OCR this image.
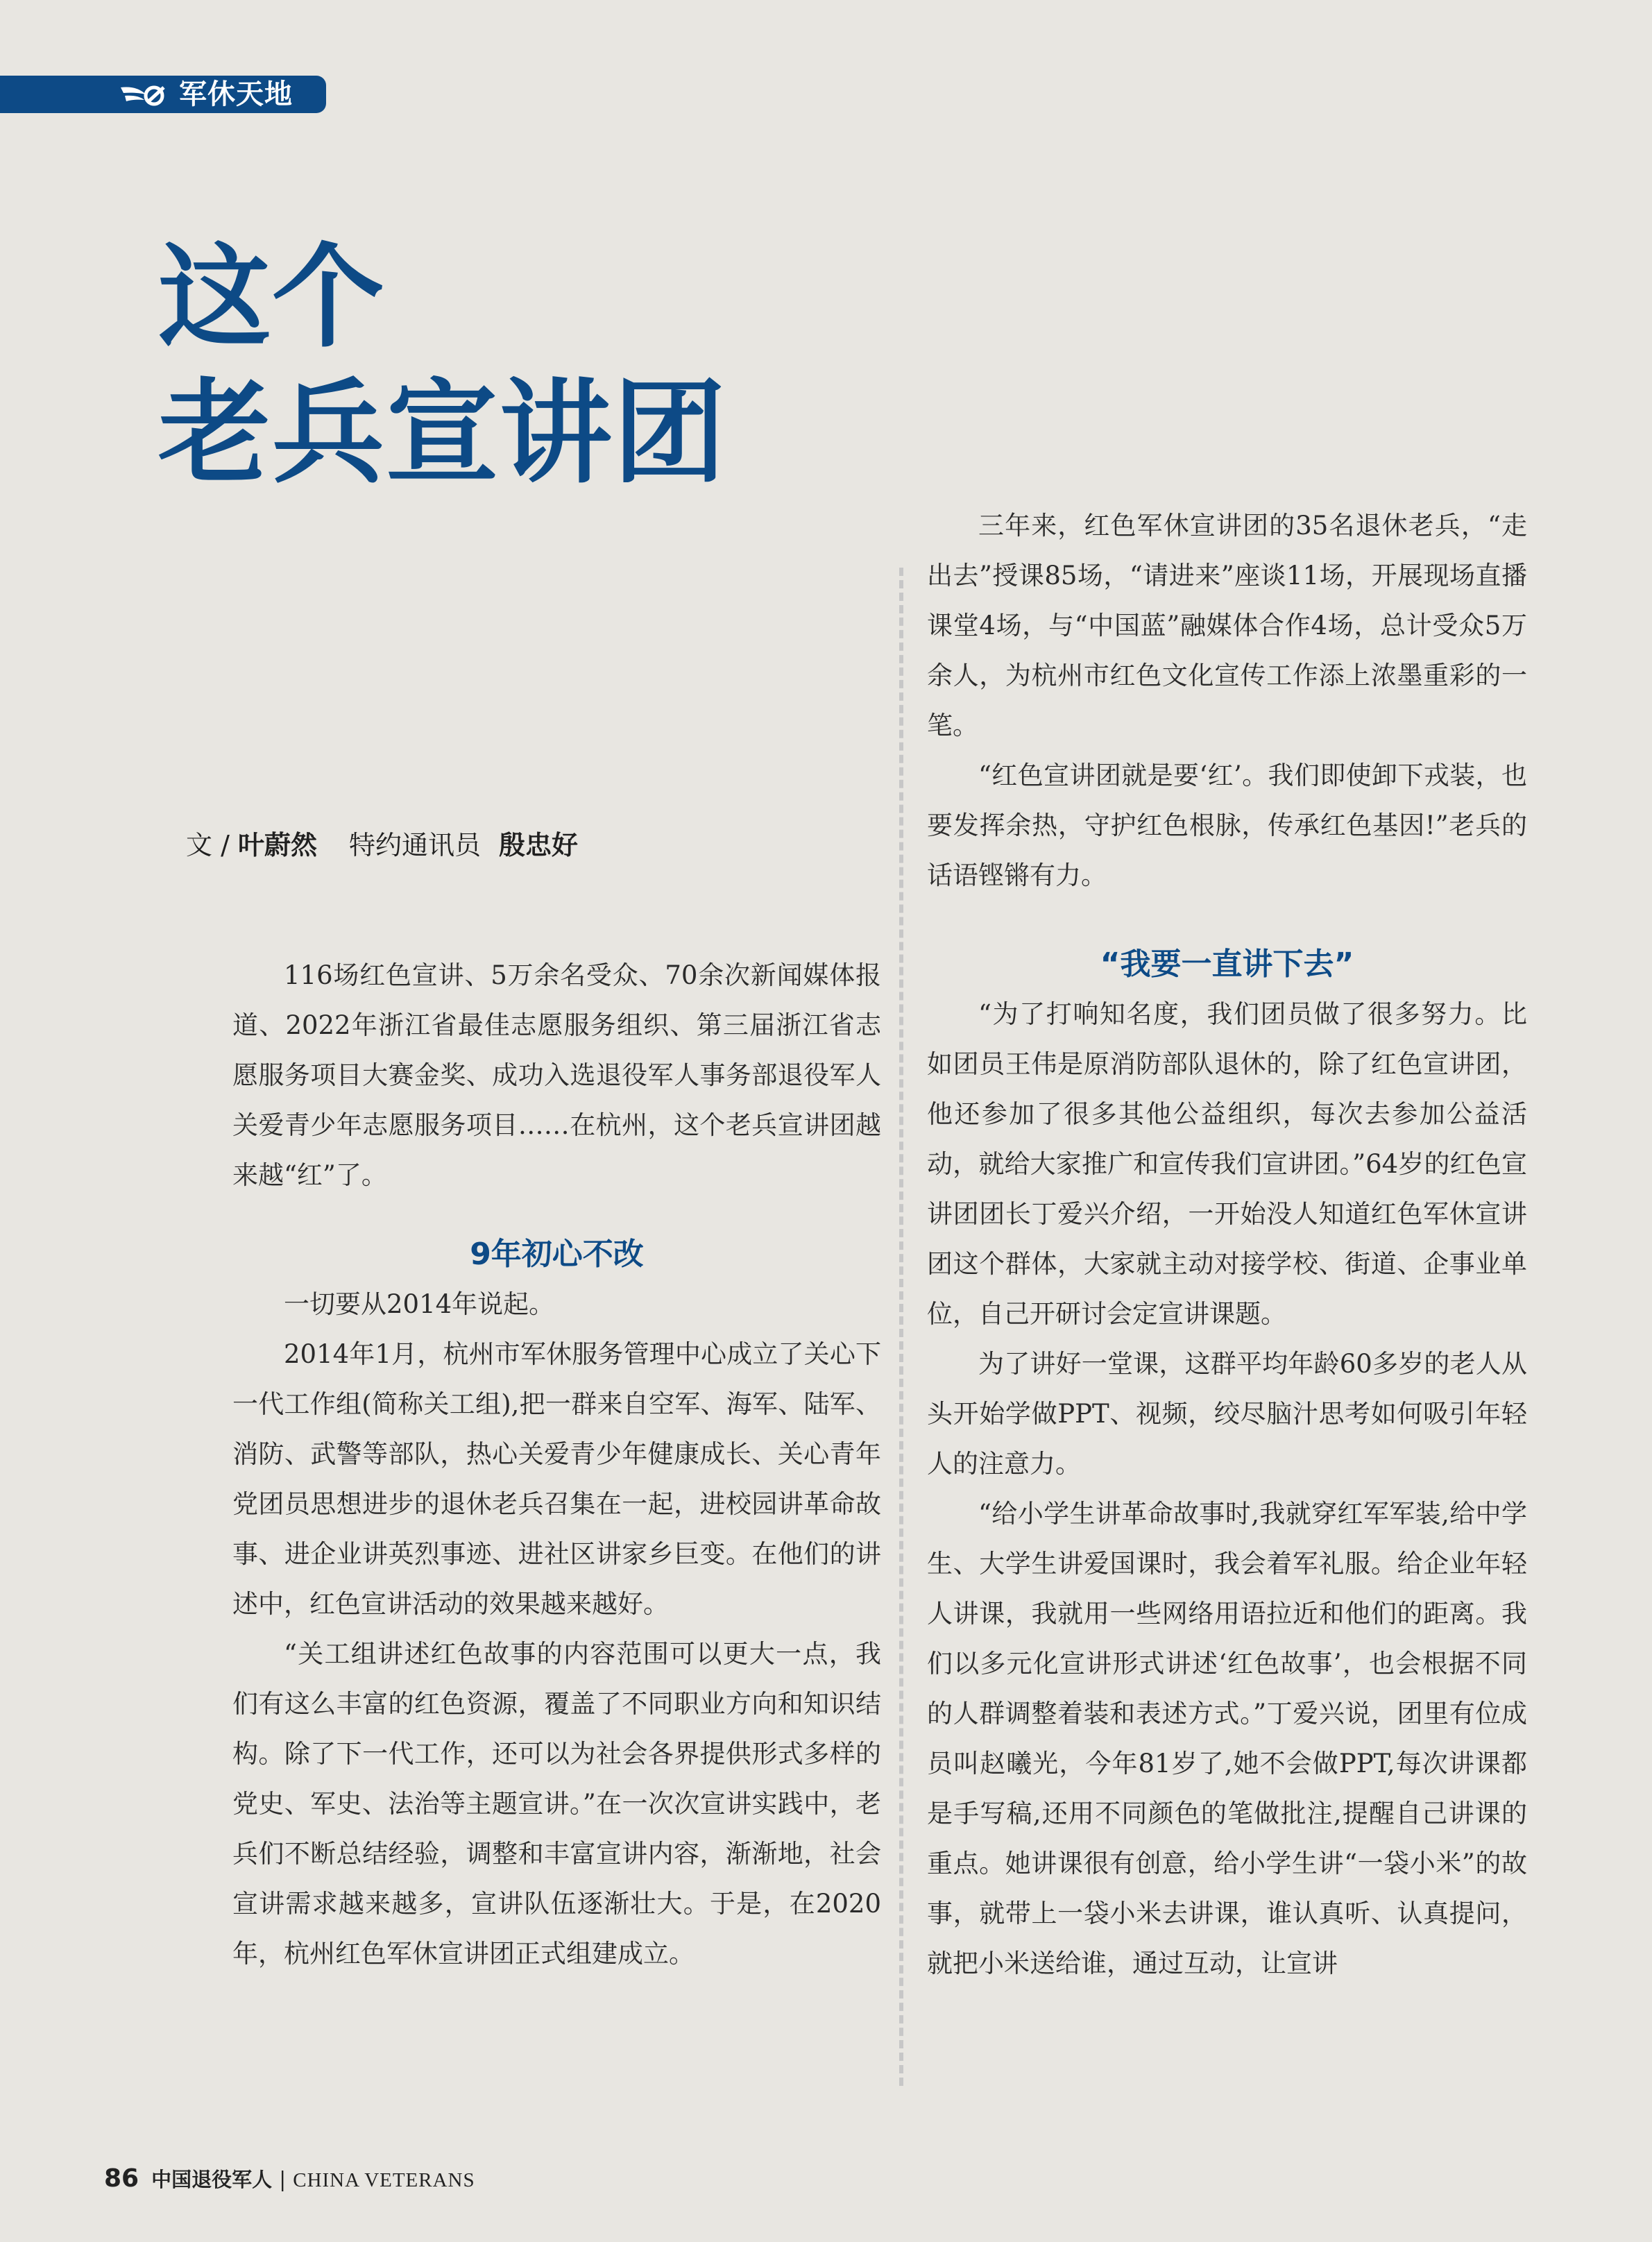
军休天地
这个
老兵宣讲团
文 / 叶蔚然 特约通讯员 殷忠好

116场红色宣讲、5万余名受众、70余次新闻媒体报道、2022年浙江省最佳志愿服务组织、第三届浙江省志愿服务项目大赛金奖、成功入选退役军人事务部退役军人关爱青少年志愿服务项目……在杭州，这个老兵宣讲团越来越“红”了。

9年初心不改

一切要从2014年说起。

2014年1月，杭州市军休服务管理中心成立了关心下一代工作组(简称关工组),把一群来自空军、海军、陆军、消防、武警等部队，热心关爱青少年健康成长、关心青年党团员思想进步的退休老兵召集在一起，进校园讲革命故事、进企业讲英烈事迹、进社区讲家乡巨变。在他们的讲述中，红色宣讲活动的效果越来越好。

“关工组讲述红色故事的内容范围可以更大一点，我们有这么丰富的红色资源，覆盖了不同职业方向和知识结构。除了下一代工作，还可以为社会各界提供形式多样的党史、军史、法治等主题宣讲。”在一次次宣讲实践中，老兵们不断总结经验，调整和丰富宣讲内容，渐渐地，社会宣讲需求越来越多，宣讲队伍逐渐壮大。于是，在2020年，杭州红色军休宣讲团正式组建成立。

三年来，红色军休宣讲团的35名退休老兵，“走出去”授课85场，“请进来”座谈11场，开展现场直播课堂4场，与“中国蓝”融媒体合作4场，总计受众5万余人，为杭州市红色文化宣传工作添上浓墨重彩的一笔。

“红色宣讲团就是要‘红’。我们即使卸下戎装，也要发挥余热，守护红色根脉，传承红色基因!”老兵的话语铿锵有力。

“我要一直讲下去”

“为了打响知名度，我们团员做了很多努力。比如团员王伟是原消防部队退休的，除了红色宣讲团，他还参加了很多其他公益组织，每次去参加公益活动，就给大家推广和宣传我们宣讲团。”64岁的红色宣讲团团长丁爱兴介绍，一开始没人知道红色军休宣讲团这个群体，大家就主动对接学校、街道、企事业单位，自己开研讨会定宣讲课题。

为了讲好一堂课，这群平均年龄60多岁的老人从头开始学做PPT、视频，绞尽脑汁思考如何吸引年轻人的注意力。

“给小学生讲革命故事时,我就穿红军军装,给中学生、大学生讲爱国课时，我会着军礼服。给企业年轻人讲课，我就用一些网络用语拉近和他们的距离。我们以多元化宣讲形式讲述‘红色故事’，也会根据不同的人群调整着装和表述方式。”丁爱兴说，团里有位成员叫赵曦光，今年81岁了,她不会做PPT,每次讲课都是手写稿,还用不同颜色的笔做批注,提醒自己讲课的重点。她讲课很有创意，给小学生讲“一袋小米”的故事，就带上一袋小米去讲课，谁认真听、认真提问，就把小米送给谁，通过互动，让宣讲

86 中国退役军人 | CHINA VETERANS
